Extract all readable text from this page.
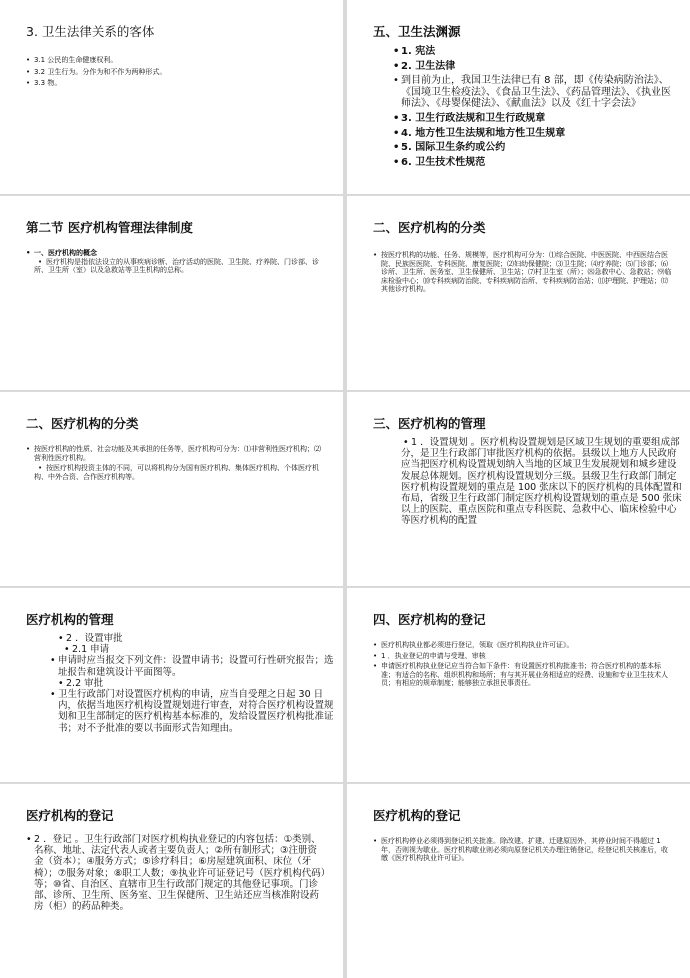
3. 卫生法律关系的客体
• 3.1 公民的生命健康权利。
• 3.2 卫生行为。分作为和不作为两种形式。
• 3.3 物。
五、卫生法渊源
• 1. 宪法
• 2. 卫生法律
• 到目前为止，我国卫生法律已有 8 部，即《传染病防治法》、《国境卫生检疫法》、《食品卫生法》、《药品管理法》、《执业医师法》、《母婴保健法》、《献血法》以及《红十字会法》
• 3. 卫生行政法规和卫生行政规章
• 4. 地方性卫生法规和地方性卫生规章
• 5. 国际卫生条约或公约
• 6. 卫生技术性规范
第二节 医疗机构管理法律制度
• 一、医疗机构的概念
• 医疗机构是指依法设立的从事疾病诊断、治疗活动的医院、卫生院、疗养院、门诊部、诊所、卫生所（室）以及急救站等卫生机构的总称。
二、医疗机构的分类
• 按医疗机构的功能、任务、规模等，医疗机构可分为：⑴综合医院、中医医院、中西医结合医院、民族医医院、专科医院、康复医院；⑵妇幼保健院；⑶卫生院；⑷疗养院；⑸门诊部；⑹诊所、卫生所、医务室、卫生保健所、卫生站；⑺村卫生室（所）；⑻急救中心、急救站；⑼临床检验中心；⑽专科疾病防治院、专科疾病防治所、专科疾病防治站；⑾护理院、护理站；⑿其他诊疗机构。
二、医疗机构的分类
• 按医疗机构的性质、社会功能及其承担的任务等，医疗机构可分为：⑴非营利性医疗机构；⑵营利性医疗机构。
• 按医疗机构投资主体的不同，可以将机构分为国有医疗机构、集体医疗机构、个体医疗机构、中外合资、合作医疗机构等。
三、医疗机构的管理
• 1 ．设置规划 。医疗机构设置规划是区域卫生规划的重要组成部分，是卫生行政部门审批医疗机构的依据。县级以上地方人民政府应当把医疗机构设置规划纳入当地的区域卫生发展规划和城乡建设发展总体规划。医疗机构设置规划分三级。县级卫生行政部门制定医疗机构设置规划的重点是 100 张床以下的医疗机构的具体配置和布局，省级卫生行政部门制定医疗机构设置规划的重点是 500 张床以上的医院、重点医院和重点专科医院、急救中心、临床检验中心等医疗机构的配置
医疗机构的管理
• 2 ．设置审批
• 2.1 申请
• 申请时应当报交下列文件：设置申请书；设置可行性研究报告；选址报告和建筑设计平面图等。
• 2.2 审批
• 卫生行政部门对设置医疗机构的申请，应当自受理之日起 30 日内，依据当地医疗机构设置规划进行审查，对符合医疗机构设置规划和卫生部制定的医疗机构基本标准的，发给设置医疗机构批准证书；对不予批准的要以书面形式告知理由。
四、医疗机构的登记
• 医疗机构执业都必须进行登记，领取《医疗机构执业许可证》。
• 1 ．执业登记的申请与受理、审核
• 申请医疗机构执业登记应当符合如下条件：有设置医疗机构批准书；符合医疗机构的基本标准；有适合的名称、组织机构和场所；有与其开展业务相适应的经费、设施和专业卫生技术人员；有相应的规章制度；能够独立承担民事责任。
医疗机构的登记
• 2 ．登记 。卫生行政部门对医疗机构执业登记的内容包括：①类别、名称、地址、法定代表人或者主要负责人；②所有制形式；③注册资金（资本）；④服务方式；⑤诊疗科目；⑥房屋建筑面积、床位（牙椅）；⑦服务对象；⑧职工人数；⑨执业许可证登记号（医疗机构代码）等；⑩省、自治区、直辖市卫生行政部门规定的其他登记事项。门诊部、诊所、卫生所、医务室、卫生保健所、卫生站还应当核准附设药房（柜）的药品种类。
医疗机构的登记
• 医疗机构停业必须得到登记机关批准。除改建、扩建、迁建原因外，其停业时间不得超过 1 年，否则视为歇业。医疗机构歇业则必须向原登记机关办理注销登记，经登记机关核准后，收缴《医疗机构执业许可证》。
